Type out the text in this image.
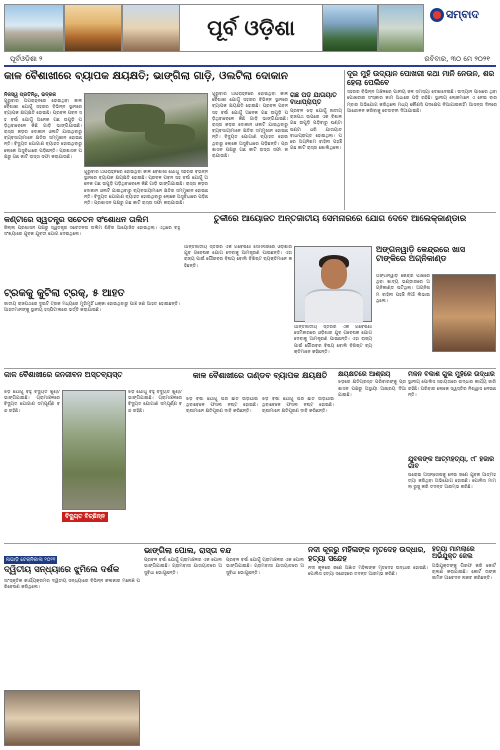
ପୂର୍ବ ଓଡ଼ିଶା
ସମ୍ବାଦ
ପୂର୍ବଓଡ଼ିଶା ୨	ରବିବାର, ୩୦ ମେ ୨୦୨୧
କାଳ ବୈଶାଖୀରେ ବ୍ୟାପକ କ୍ଷୟକ୍ଷତି; ଭାଙ୍ଗିଲା ଗାଡ଼ି, ଓଲଟିଲା ଦୋକାନ
ନିଜସ୍ୱ ପ୍ରତିନିଧି, ଭଦ୍ରକ
ଗୁରୁବାର ଅପରାହ୍ନରେ ହୋଇଥିବା କାଳ ବୈଶାଖୀ ଯୋଗୁଁ ସହରର ବିଭିନ୍ନ ସ୍ଥାନରେ ବ୍ୟାପକ କ୍ଷୟକ୍ଷତି ହୋଇଛି। ପ୍ରବଳ ପବନ ସହ ବର୍ଷା ଯୋଗୁଁ ଅନେକ ଗଛ ଉପୁଡ଼ି ପଡ଼ିଥିବାବେଳେ କିଛି ଗାଡ଼ି ଭାଙ୍ଗିଯାଇଛି। ରାସ୍ତା କଡ଼ର ଦୋକାନ ଓଲଟି ଯାଇଥିବାରୁ ବ୍ୟବସାୟୀମାନେ କ୍ଷତିର ସମ୍ମୁଖୀନ ହୋଇଛନ୍ତି। ବିଦ୍ୟୁତ ଯୋଗାଣ ବ୍ୟାହତ ହୋଇଥିବାରୁ ଲୋକେ ଅସୁବିଧାରେ ପଡ଼ିଛନ୍ତି। ପ୍ରଶାସନ ପକ୍ଷରୁ ଗଛ କାଟି ରାସ୍ତା ସଫା କରାଯାଉଛି।
ଗୁରୁବାର ଅପରାହ୍ନରେ ହୋଇଥିବା କାଳ ବୈଶାଖୀ ଯୋଗୁଁ ସହରର ବିଭିନ୍ନ ସ୍ଥାନରେ ବ୍ୟାପକ କ୍ଷୟକ୍ଷତି ହୋଇଛି। ପ୍ରବଳ ପବନ ସହ ବର୍ଷା ଯୋଗୁଁ ଅନେକ ଗଛ ଉପୁଡ଼ି ପଡ଼ିଥିବାବେଳେ କିଛି ଗାଡ଼ି ଭାଙ୍ଗିଯାଇଛି। ରାସ୍ତା କଡ଼ର ଦୋକାନ ଓଲଟି ଯାଇଥିବାରୁ ବ୍ୟବସାୟୀମାନେ କ୍ଷତିର ସମ୍ମୁଖୀନ ହୋଇଛନ୍ତି। ବିଦ୍ୟୁତ ଯୋଗାଣ ବ୍ୟାହତ ହୋଇଥିବାରୁ ଲୋକେ ଅସୁବିଧାରେ ପଡ଼ିଛନ୍ତି। ପ୍ରଶାସନ ପକ୍ଷରୁ ଗଛ କାଟି ରାସ୍ତା ସଫା କରାଯାଉଛି।
ଗୁରୁବାର ଅପରାହ୍ନରେ ହୋଇଥିବା କାଳ ବୈଶାଖୀ ଯୋଗୁଁ ସହରର ବିଭିନ୍ନ ସ୍ଥାନରେ ବ୍ୟାପକ କ୍ଷୟକ୍ଷତି ହୋଇଛି। ପ୍ରବଳ ପବନ ସହ ବର୍ଷା ଯୋଗୁଁ ଅନେକ ଗଛ ଉପୁଡ଼ି ପଡ଼ିଥିବାବେଳେ କିଛି ଗାଡ଼ି ଭାଙ୍ଗିଯାଇଛି। ରାସ୍ତା କଡ଼ର ଦୋକାନ ଓଲଟି ଯାଇଥିବାରୁ ବ୍ୟବସାୟୀମାନେ କ୍ଷତିର ସମ୍ମୁଖୀନ ହୋଇଛନ୍ତି। ବିଦ୍ୟୁତ ଯୋଗାଣ ବ୍ୟାହତ ହୋଇଥିବାରୁ ଲୋକେ ଅସୁବିଧାରେ ପଡ଼ିଛନ୍ତି। ପ୍ରଶାସନ ପକ୍ଷରୁ ଗଛ କାଟି ରାସ୍ତା ସଫା କରାଯାଉଛି।
ଗଛ ପଡ଼ି ଯାତାୟାତ ବାଧାପ୍ରାପ୍ତ
ପ୍ରବଳ ଝଡ଼ ଯୋଗୁଁ ଜାତୀୟ ରାଜପଥ ଉପରେ ଏକ ବିଶାଳ ଗଛ ଉପୁଡ଼ି ପଡ଼ିବାରୁ ଘଣ୍ଟା ଘଣ୍ଟା ଧରି ଯାତାୟାତ ବାଧାପ୍ରାପ୍ତ ହୋଇଥିଲା। ପରେ ଅଗ୍ନିଶମ ବାହିନୀ ପହଞ୍ଚି ଗଛ କାଟି ରାସ୍ତା ଖୋଲିଥିଲେ।
ଦୂର ମୁହଁ ଉଦ୍ୟାନ ପୋଖରୀ କଥା ମାନି ନେଉନ, ଶର ହେଲା ପେଲିବେ
ସହରର ବିଭିନ୍ନ ଅଞ୍ଚଳରେ ପାନୀୟ ଜଳ ସମସ୍ୟା ଦେଖାଦେଇଛି। ଉଦ୍ୟାନ ପାଖରେ ଥିବା ପୋଖରୀର ସଂସ୍କାର କାମ ଅଧାରେ ପଡ଼ି ରହିଛି। ସ୍ଥାନୀୟ ଲୋକମାନେ ଏ ନେଇ ବାରମ୍ବାର ଅଭିଯୋଗ କରିଥିଲେ ମଧ୍ୟ କୌଣସି ପଦକ୍ଷେପ ନିଆଯାଇନାହିଁ। ଆସନ୍ତା ଦିନରେ ଆନ୍ଦୋଳନ କରିବାକୁ ଚେତାବନୀ ଦିଆଯାଇଛି।
କଣ୍ଟାରେ ସ୍ୱତନ୍ତ୍ର ସଚେତନ ସଂଶୋଧନ ତାଲିମ
ଜିଲ୍ଲା ପ୍ରଶାସନ ପକ୍ଷରୁ ସ୍ୱତନ୍ତ୍ର ସଚେତନତା ତାଲିମ ଶିବିର ଆୟୋଜିତ ହୋଇଥିଲା। ଏଥିରେ ବହୁ ସଂଖ୍ୟାରେ ଯୁବକ ଯୁବତୀ ଯୋଗ ଦେଇଥିଲେ।
ତୁର୍କୀରେ ଆୟୋଜିତ ଅନ୍ତର୍ଜାତୀୟ ସେମିନାରରେ ଯୋଗ ଦେବେ ଆଲେକ୍ଜାଣ୍ଡାର
ଆନ୍ତର୍ଜାତୀୟ ସ୍ତରର ଏକ ଗବେଷଣା ସେମିନାରରେ ଓଡ଼ିଶାର ଯୁବ ଗବେଷକ ଯୋଗ ଦେବାକୁ ଆମନ୍ତ୍ରଣ ପାଇଛନ୍ତି। ଏହା ରାଜ୍ୟ ପାଇଁ ଗୌରବର ବିଷୟ ବୋଲି ବିଶିଷ୍ଟ ବ୍ୟକ୍ତିମାନେ କହିଛନ୍ତି।
ଆନ୍ତର୍ଜାତୀୟ ସ୍ତରର ଏକ ଗବେଷଣା ସେମିନାରରେ ଓଡ଼ିଶାର ଯୁବ ଗବେଷକ ଯୋଗ ଦେବାକୁ ଆମନ୍ତ୍ରଣ ପାଇଛନ୍ତି। ଏହା ରାଜ୍ୟ ପାଇଁ ଗୌରବର ବିଷୟ ବୋଲି ବିଶିଷ୍ଟ ବ୍ୟକ୍ତିମାନେ କହିଛନ୍ତି।
ଟ୍ରକକୁ କୁଟିଲା ଟ୍ରକ୍, ୫ ଆହତ
ଜାତୀୟ ରାଜପଥରେ ଦୁଇଟି ଟ୍ରକ ମଧ୍ୟରେ ମୁହାଁମୁହିଁ ଧକ୍କା ହୋଇଥିବାରୁ ପାଞ୍ଚ ଜଣ ଆହତ ହୋଇଛନ୍ତି। ଆହତମାନଙ୍କୁ ସ୍ଥାନୀୟ ହସ୍ପିଟାଲରେ ଭର୍ତ୍ତି କରାଯାଇଛି।
ଅଙ୍ଗନୱାଡ଼ି କେନ୍ଦ୍ରରେ ଖାସ ଟାଙ୍କିରେ ଅଗ୍ନିକାଣ୍ଡ
ଅଙ୍ଗନୱାଡ଼ି କେନ୍ଦ୍ର ପାଖରେ ଥିବା ଖାଦ୍ୟ ଭଣ୍ଡାରରେ ଅଗ୍ନିକାଣ୍ଡ ଘଟିଥିଲା। ଅଗ୍ନିଶମ ବାହିନୀ ପହଞ୍ଚି ନିଆଁ ଲିଭାଇଥିଲେ।
କାଳ ବୈଶାଖୀରେ ଜନଜୀବନ ଅସ୍ତବ୍ୟସ୍ତ
ଝଡ଼ ଯୋଗୁଁ ବହୁ ବିଦ୍ୟୁତ ଖୁଣ୍ଟି ଭାଙ୍ଗିଯାଇଛି। ଗ୍ରାମାଞ୍ଚଳରେ ବିଦ୍ୟୁତ ଯୋଗାଣ ସମ୍ପୂର୍ଣ୍ଣ ବନ୍ଦ ରହିଛି।
ବିଦ୍ୟୁତ ବିଚ୍ଛିନ୍ନ
ଝଡ଼ ଯୋଗୁଁ ବହୁ ବିଦ୍ୟୁତ ଖୁଣ୍ଟି ଭାଙ୍ଗିଯାଇଛି। ଗ୍ରାମାଞ୍ଚଳରେ ବିଦ୍ୟୁତ ଯୋଗାଣ ସମ୍ପୂର୍ଣ୍ଣ ବନ୍ଦ ରହିଛି।
କାଳ ବୈଶାଖୀରେ ତାଣ୍ଡବ ବ୍ୟାପକ କ୍ଷୟକ୍ଷତି
ଝଡ଼ ବର୍ଷା ଯୋଗୁଁ ଘର ଛାତ ଉଡ଼ିଯାଇଥିବାବେଳେ ଫସଲ ନଷ୍ଟ ହୋଇଛି। ଚାଷୀମାନେ କ୍ଷତିପୂରଣ ଦାବି କରିଛନ୍ତି।
ଝଡ଼ ବର୍ଷା ଯୋଗୁଁ ଘର ଛାତ ଉଡ଼ିଯାଇଥିବାବେଳେ ଫସଲ ନଷ୍ଟ ହୋଇଛି। ଚାଷୀମାନେ କ୍ଷତିପୂରଣ ଦାବି କରିଛନ୍ତି।
କ୍ଷୟକ୍ଷତିରେ ଆଶ୍ରୟ
ଝଡ଼ରେ କ୍ଷତିଗ୍ରସ୍ତ ପରିବାରଙ୍କୁ ପ୍ରଶାସନ ପକ୍ଷରୁ ଅସ୍ଥାୟୀ ଆଶ୍ରୟ ଦିଆଯାଇଛି।
ମିଳନ ବିକାଶ ଗୁଲ ମୁହଁରେ ଉଦ୍ଧାର
ସ୍ଥାନୀୟ ପୋଲିସ ସହାୟତାରେ ଉଦ୍ଧାର କାର୍ଯ୍ୟ ଜାରି ରହିଛି। ପରିବାର ଲୋକେ ସ୍ୱସ୍ତିର ନିଶ୍ୱାସ ନେଇଛନ୍ତି।
ଯୁବକଙ୍କ ଆତ୍ମହତ୍ୟା, ୯୮ ହଜାର ଗାବ
ଘରୋଇ ଅସନ୍ତୋଷକୁ ନେଇ ଜଣେ ଯୁବକ ଆତ୍ମହତ୍ୟା କରିଥିବା ଅଭିଯୋଗ ହୋଇଛି। ପୋଲିସ ମାମଲା ରୁଜୁ କରି ତଦନ୍ତ ଆରମ୍ଭ କରିଛି।
ନାଭାଡ଼ି ଟେକ୍ନିକାଲ ୨୦୨୧
ଦ୍ୱିତୀୟ ସନ୍ଧ୍ୟାରେ ଝୁମିଲେ ଦର୍ଶକ
ସାଂସ୍କୃତିକ କାର୍ଯ୍ୟକ୍ରମର ଦ୍ୱିତୀୟ ସନ୍ଧ୍ୟାରେ ବିଭିନ୍ନ କଳାକାର ମନୋଜ୍ଞ ପରିବେଷଣ କରିଥିଲେ।
ଭାଙ୍ଗିଲା ପୋଲ, ରାସ୍ତା ବନ୍ଦ
ପ୍ରବଳ ବର୍ଷା ଯୋଗୁଁ ଗ୍ରାମାଞ୍ଚଳର ଏକ ପୋଲ ଭାଙ୍ଗିଯାଇଛି। ଗ୍ରାମବାସୀ ଯାତାୟାତରେ ଅସୁବିଧା ଭୋଗୁଛନ୍ତି।
ପ୍ରବଳ ବର୍ଷା ଯୋଗୁଁ ଗ୍ରାମାଞ୍ଚଳର ଏକ ପୋଲ ଭାଙ୍ଗିଯାଇଛି। ଗ୍ରାମବାସୀ ଯାତାୟାତରେ ଅସୁବିଧା ଭୋଗୁଛନ୍ତି।
ନଦୀ କୂଳରୁ ମହିଳାଙ୍କ ମୃତଦେହ ଉଦ୍ଧାର, ହତ୍ୟା ସନ୍ଦେହ
ନଦୀ କୂଳରେ ଜଣେ ଅଜ୍ଞାତ ମହିଳାଙ୍କ ମୃତଦେହ ଉଦ୍ଧାର ହୋଇଛି। ପୋଲିସ ହତ୍ୟା ସନ୍ଦେହରେ ତଦନ୍ତ ଆରମ୍ଭ କରିଛି।
ହତ୍ୟା ମାମଲାରେ ଅଭିଯୁକ୍ତ ଜେଲ
ଅଭିଯୁକ୍ତଙ୍କୁ ଗିରଫ କରି କୋର୍ଟ ଚାଲାଣ କରାଯାଇଛି। କୋର୍ଟ ତାଙ୍କ ଜାମିନ ଆବେଦନ ନାକଚ କରିଛନ୍ତି।
